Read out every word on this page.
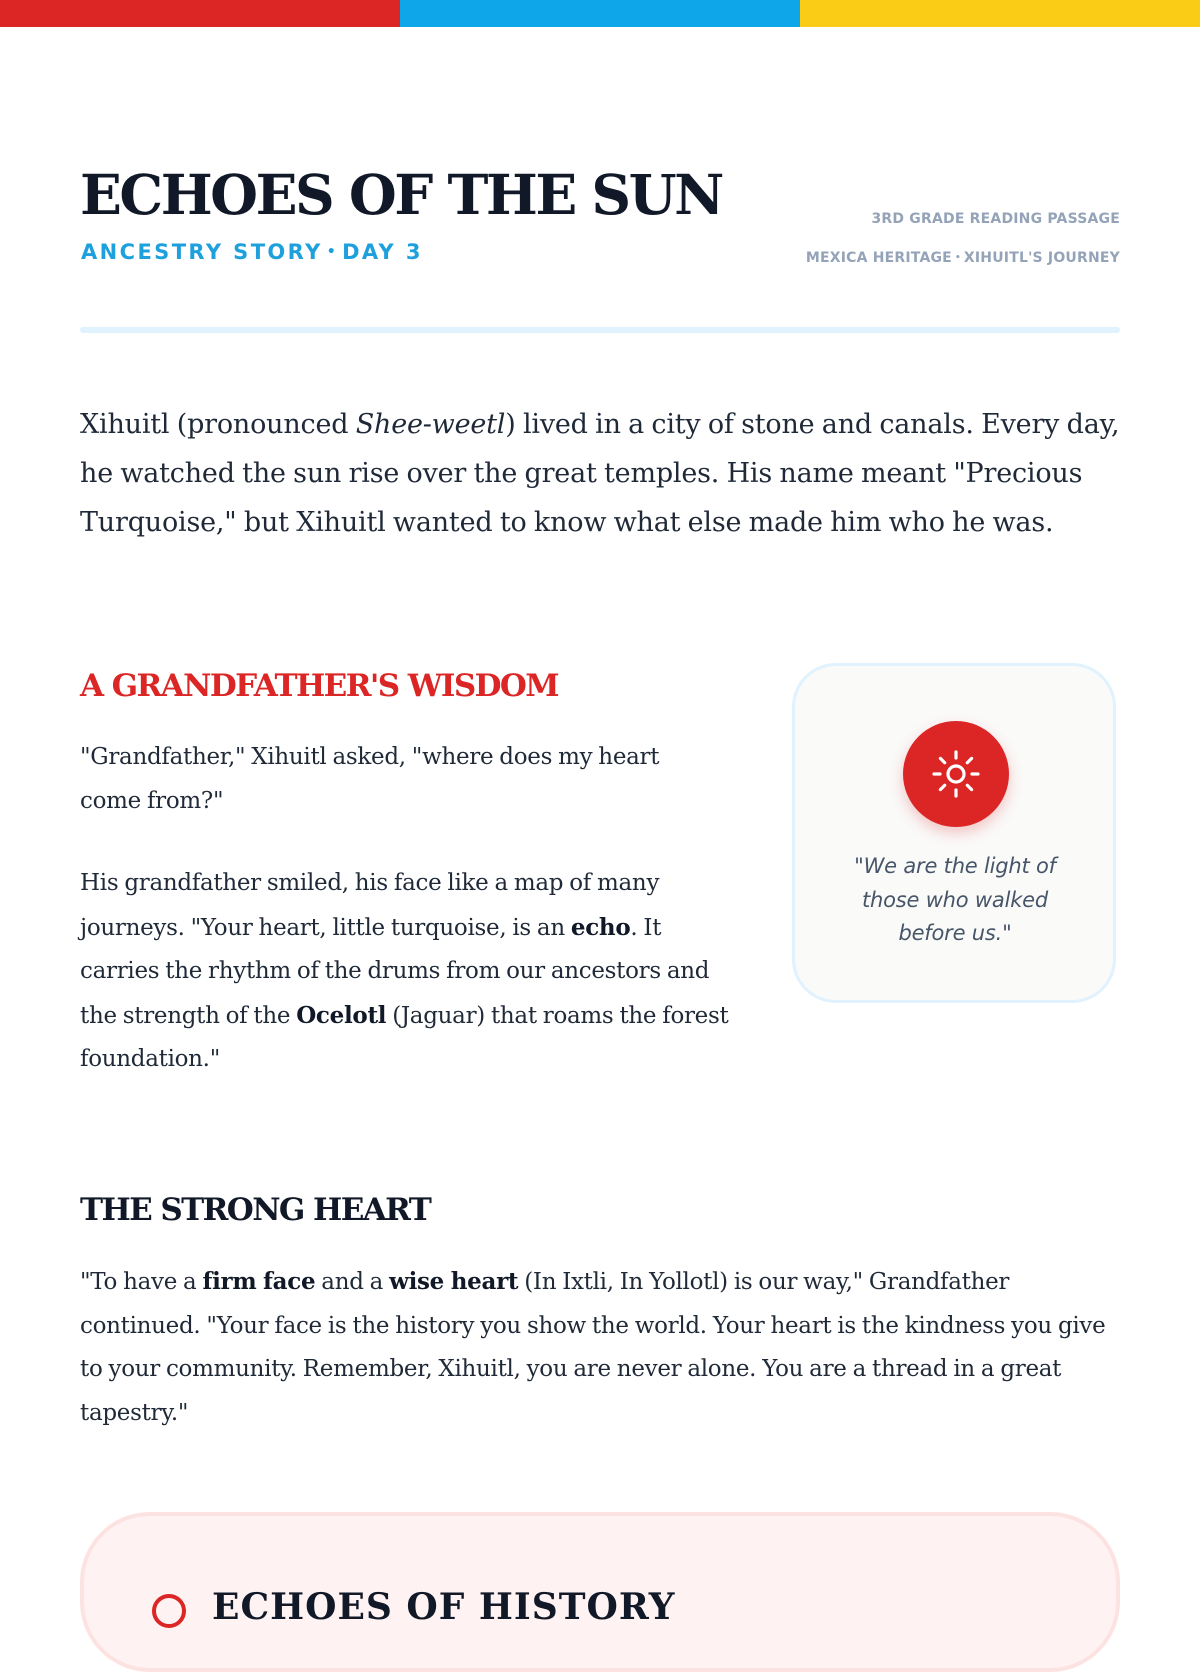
ECHOES OF THE SUN
ANCESTRY STORY • DAY 3
3RD GRADE READING PASSAGE
MEXICA HERITAGE • XIHUITL'S JOURNEY

Xihuitl (pronounced Shee-weetl) lived in a city of stone and canals. Every day, he watched the sun rise over the great temples. His name meant "Precious Turquoise," but Xihuitl wanted to know what else made him who he was.

A GRANDFATHER'S WISDOM

"Grandfather," Xihuitl asked, "where does my heart come from?"

His grandfather smiled, his face like a map of many journeys. "Your heart, little turquoise, is an echo. It carries the rhythm of the drums from our ancestors and the strength of the Ocelotl (Jaguar) that roams the forest foundation."

"We are the light of those who walked before us."
THE STRONG HEART

"To have a firm face and a wise heart (In Ixtli, In Yollotl) is our way," Grandfather continued. "Your face is the history you show the world. Your heart is the kindness you give to your community. Remember, Xihuitl, you are never alone. You are a thread in a great tapestry."

ECHOES OF HISTORY
